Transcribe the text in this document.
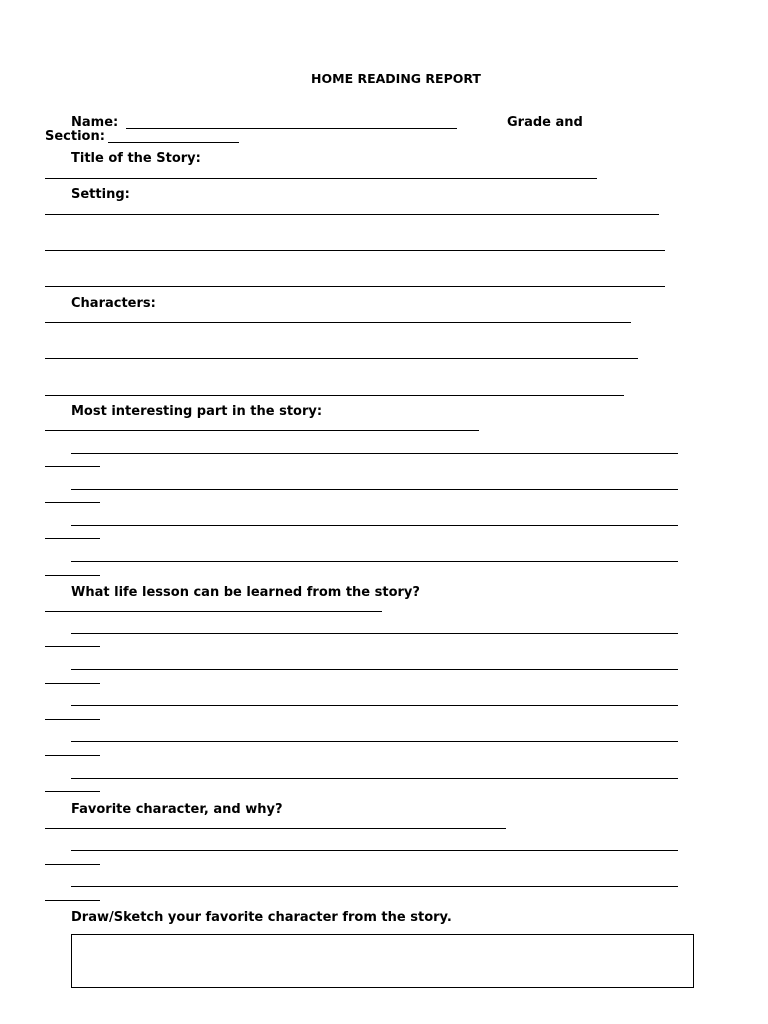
HOME READING REPORT
Name:	Grade and
Section:
Title of the Story:
Setting:
Characters:
Most interesting part in the story:
What life lesson can be learned from the story?
Favorite character, and why?
Draw/Sketch your favorite character from the story.
